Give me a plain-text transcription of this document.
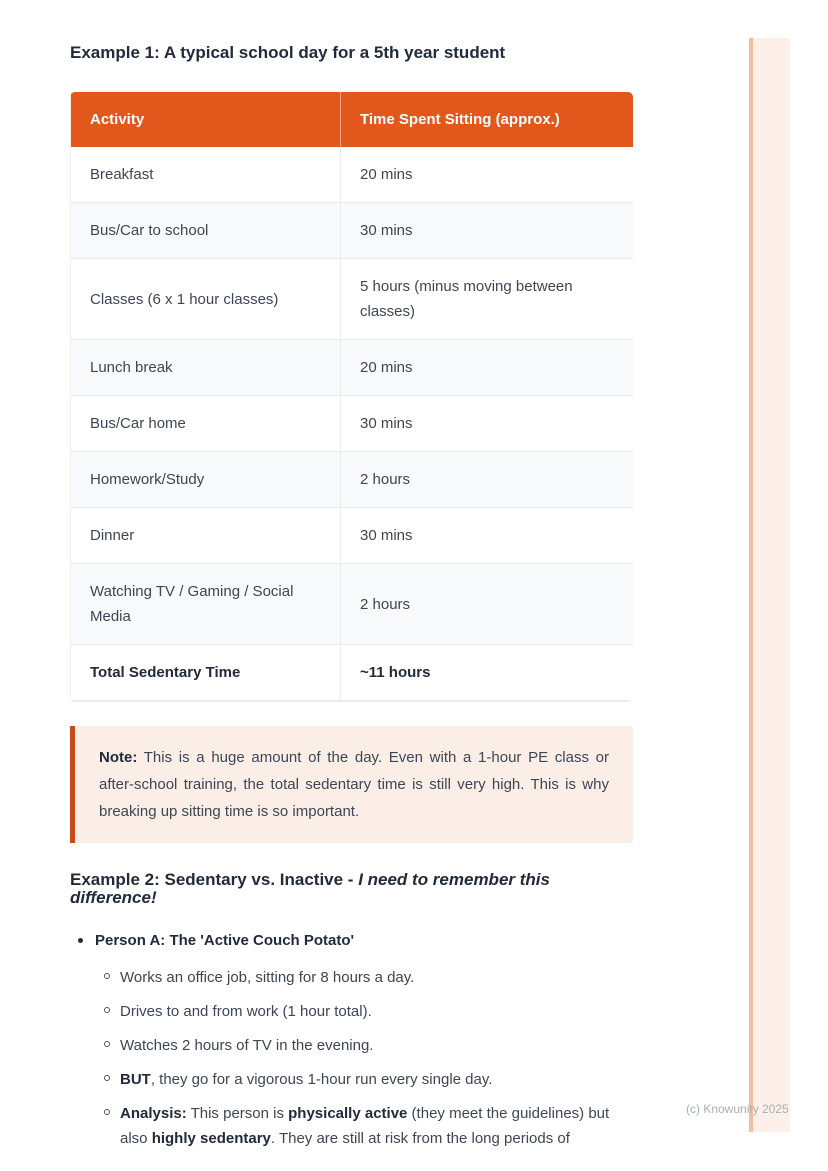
Example 1: A typical school day for a 5th year student
Activity	Time Spent Sitting (approx.)
Breakfast	20 mins
Bus/Car to school	30 mins
Classes (6 x 1 hour classes)	5 hours (minus moving between classes)
Lunch break	20 mins
Bus/Car home	30 mins
Homework/Study	2 hours
Dinner	30 mins
Watching TV / Gaming / Social Media	2 hours
Total Sedentary Time	~11 hours

Note: This is a huge amount of the day. Even with a 1-hour PE class or after-school training, the total sedentary time is still very high. This is why breaking up sitting time is so important.

Example 2: Sedentary vs. Inactive - I need to remember this difference!
Person A: The 'Active Couch Potato'
Works an office job, sitting for 8 hours a day.
Drives to and from work (1 hour total).
Watches 2 hours of TV in the evening.
BUT, they go for a vigorous 1-hour run every single day.
Analysis: This person is physically active (they meet the guidelines) but also highly sedentary. They are still at risk from the long periods of
(c) Knowunity 2025
